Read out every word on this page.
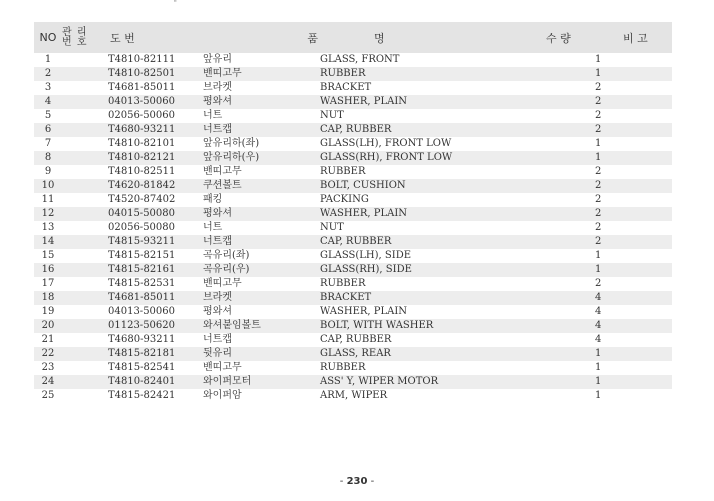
"
NO	관 리
번 호	도 번	품	명	수 량	비 고
1		T4810-82111	앞유리	GLASS, FRONT	1	
2		T4810-82501	밴띠고무	RUBBER	1	
3		T4681-85011	브라켓	BRACKET	2	
4		04013-50060	평와셔	WASHER, PLAIN	2	
5		02056-50060	너트	NUT	2	
6		T4680-93211	너트캡	CAP, RUBBER	2	
7		T4810-82101	앞유리하(좌)	GLASS(LH), FRONT LOW	1	
8		T4810-82121	앞유리하(우)	GLASS(RH), FRONT LOW	1	
9		T4810-82511	밴띠고무	RUBBER	2	
10		T4620-81842	쿠션볼트	BOLT, CUSHION	2	
11		T4520-87402	패킹	PACKING	2	
12		04015-50080	평와셔	WASHER, PLAIN	2	
13		02056-50080	너트	NUT	2	
14		T4815-93211	너트캡	CAP, RUBBER	2	
15		T4815-82151	곡유리(좌)	GLASS(LH), SIDE	1	
16		T4815-82161	곡유리(우)	GLASS(RH), SIDE	1	
17		T4815-82531	밴띠고무	RUBBER	2	
18		T4681-85011	브라켓	BRACKET	4	
19		04013-50060	평와셔	WASHER, PLAIN	4	
20		01123-50620	와셔붙임볼트	BOLT, WITH WASHER	4	
21		T4680-93211	너트캡	CAP, RUBBER	4	
22		T4815-82181	뒷유리	GLASS, REAR	1	
23		T4815-82541	밴띠고무	RUBBER	1	
24		T4810-82401	와이퍼모터	ASS' Y, WIPER MOTOR	1	
25		T4815-82421	와이퍼암	ARM, WIPER	1	
- 230 -
